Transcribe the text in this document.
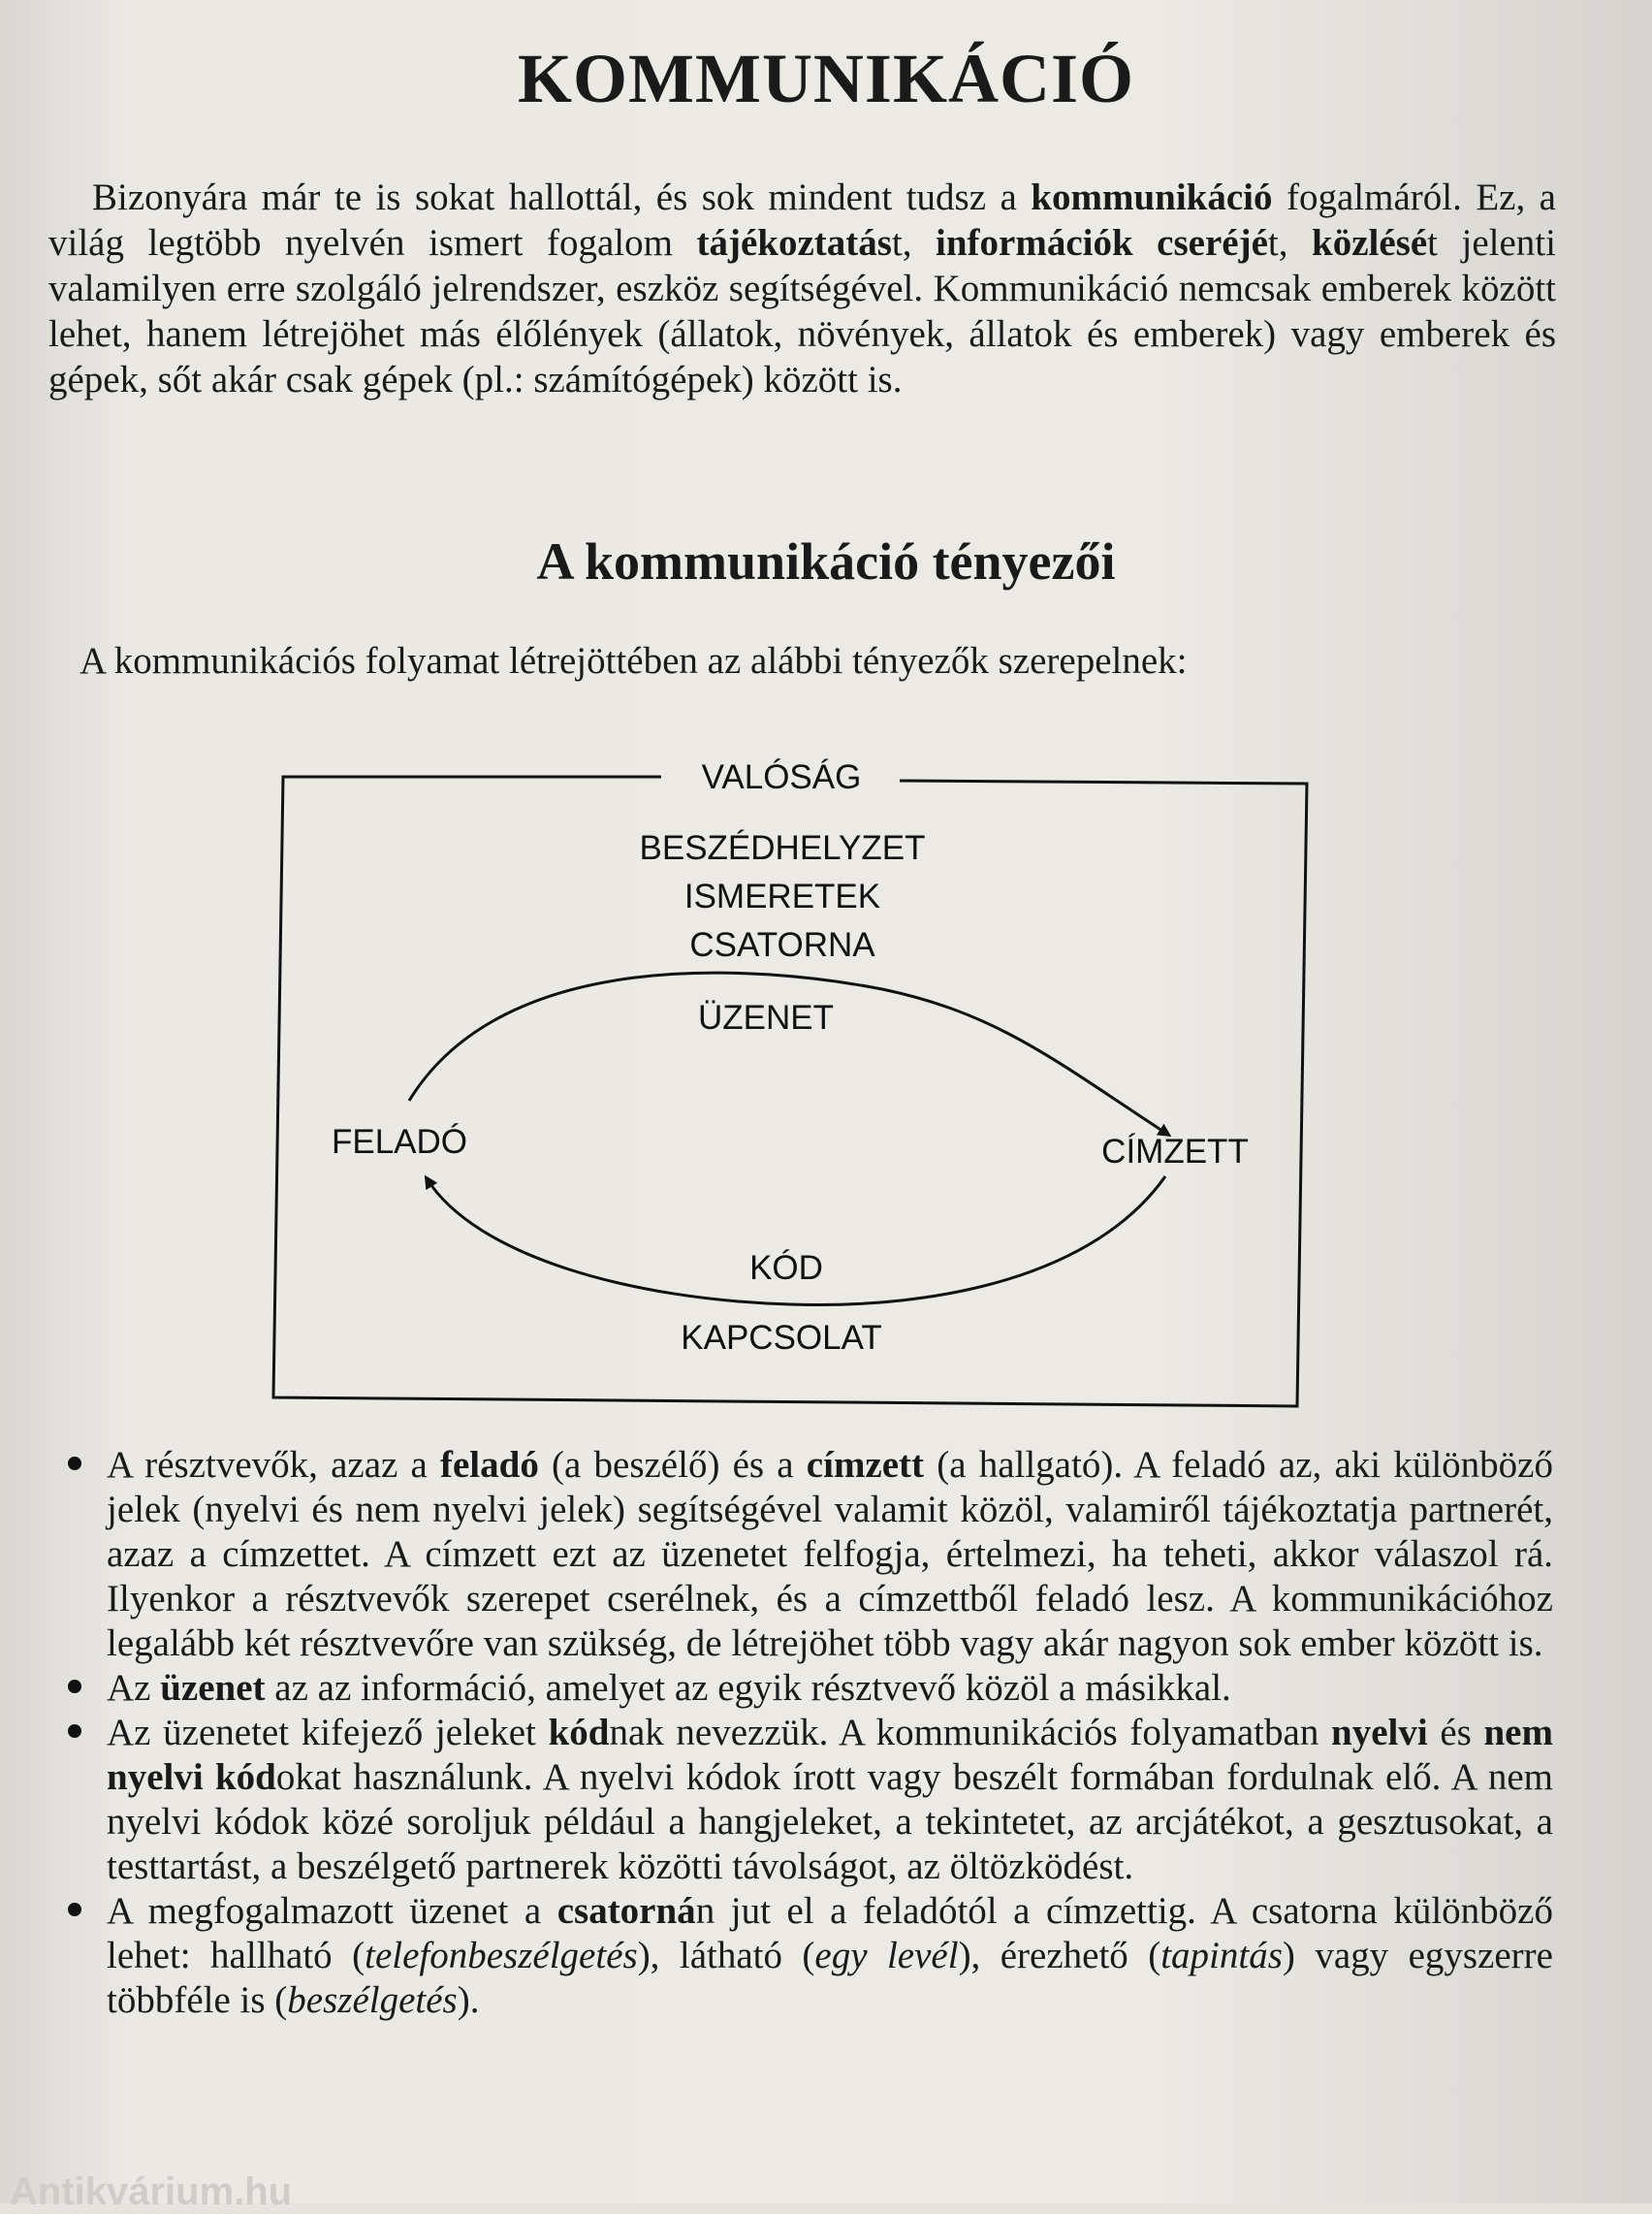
KOMMUNIKÁCIÓ

Bizonyára már te is sokat hallottál, és sok mindent tudsz a kommunikáció fogalmáról. Ez, a világ legtöbb nyelvén ismert fogalom tájékoztatást, információk cseréjét, közlését jelenti valamilyen erre szolgáló jelrendszer, eszköz segítségével. Kommunikáció nemcsak emberek között lehet, hanem létrejöhet más élőlények (állatok, növények, állatok és emberek) vagy emberek és gépek, sőt akár csak gépek (pl.: számítógépek) között is.

A kommunikáció tényezői

A kommunikációs folyamat létrejöttében az alábbi tényezők szerepelnek:

VALÓSÁG
BESZÉDHELYZET
ISMERETEK
CSATORNA
ÜZENET
FELADÓ	CÍMZETT
KÓD
KAPCSOLAT
A résztvevők, azaz a feladó (a beszélő) és a címzett (a hallgató). A feladó az, aki különböző jelek (nyelvi és nem nyelvi jelek) segítségével valamit közöl, valamiről tájékoztatja partnerét, azaz a címzettet. A címzett ezt az üzenetet felfogja, értelmezi, ha teheti, akkor válaszol rá. Ilyenkor a résztvevők szerepet cserélnek, és a címzettből feladó lesz. A kommunikációhoz legalább két résztvevőre van szükség, de létrejöhet több vagy akár nagyon sok ember között is.
Az üzenet az az információ, amelyet az egyik résztvevő közöl a másikkal.
Az üzenetet kifejező jeleket kódnak nevezzük. A kommunikációs folyamatban nyelvi és nem nyelvi kódokat használunk. A nyelvi kódok írott vagy beszélt formában fordulnak elő. A nem nyelvi kódok közé soroljuk például a hangjeleket, a tekintetet, az arcjátékot, a gesztusokat, a testtartást, a beszélgető partnerek közötti távolságot, az öltözködést.
A megfogalmazott üzenet a csatornán jut el a feladótól a címzettig. A csatorna különböző lehet: hallható (telefonbeszélgetés), látható (egy levél), érezhető (tapintás) vagy egyszerre többféle is (beszélgetés).
Antikvárium.hu
